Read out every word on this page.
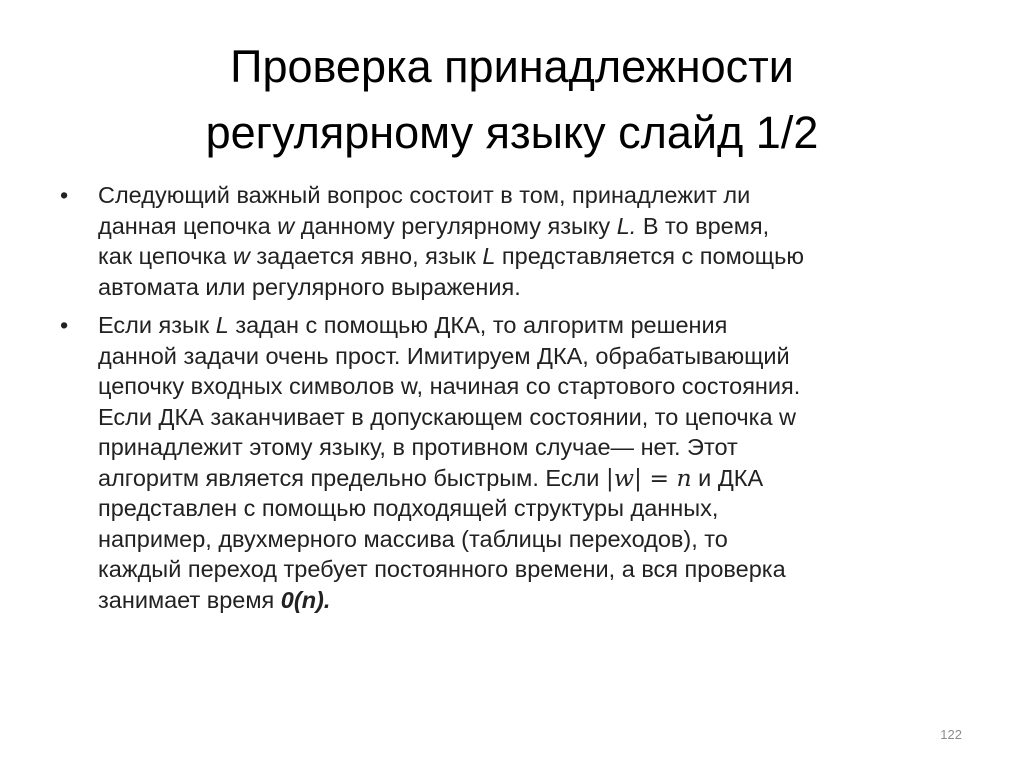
Проверка принадлежности
регулярному языку слайд 1/2
• Следующий важный вопрос состоит в том, принадлежит ли
данная цепочка w данному регулярному языку L. В то время,
как цепочка w задается явно, язык L представляется с помощью
автомата или регулярного выражения.
• Если язык L задан с помощью ДКА, то алгоритм решения
данной задачи очень прост. Имитируем ДКА, обрабатывающий
цепочку входных символов w, начиная со стартового состояния.
Если ДКА заканчивает в допускающем состоянии, то цепочка w
принадлежит этому языку, в противном случае— нет. Этот
алгоритм является предельно быстрым. Если |w| = n и ДКА
представлен с помощью подходящей структуры данных,
например, двухмерного массива (таблицы переходов), то
каждый переход требует постоянного времени, а вся проверка
занимает время 0(n).
122
